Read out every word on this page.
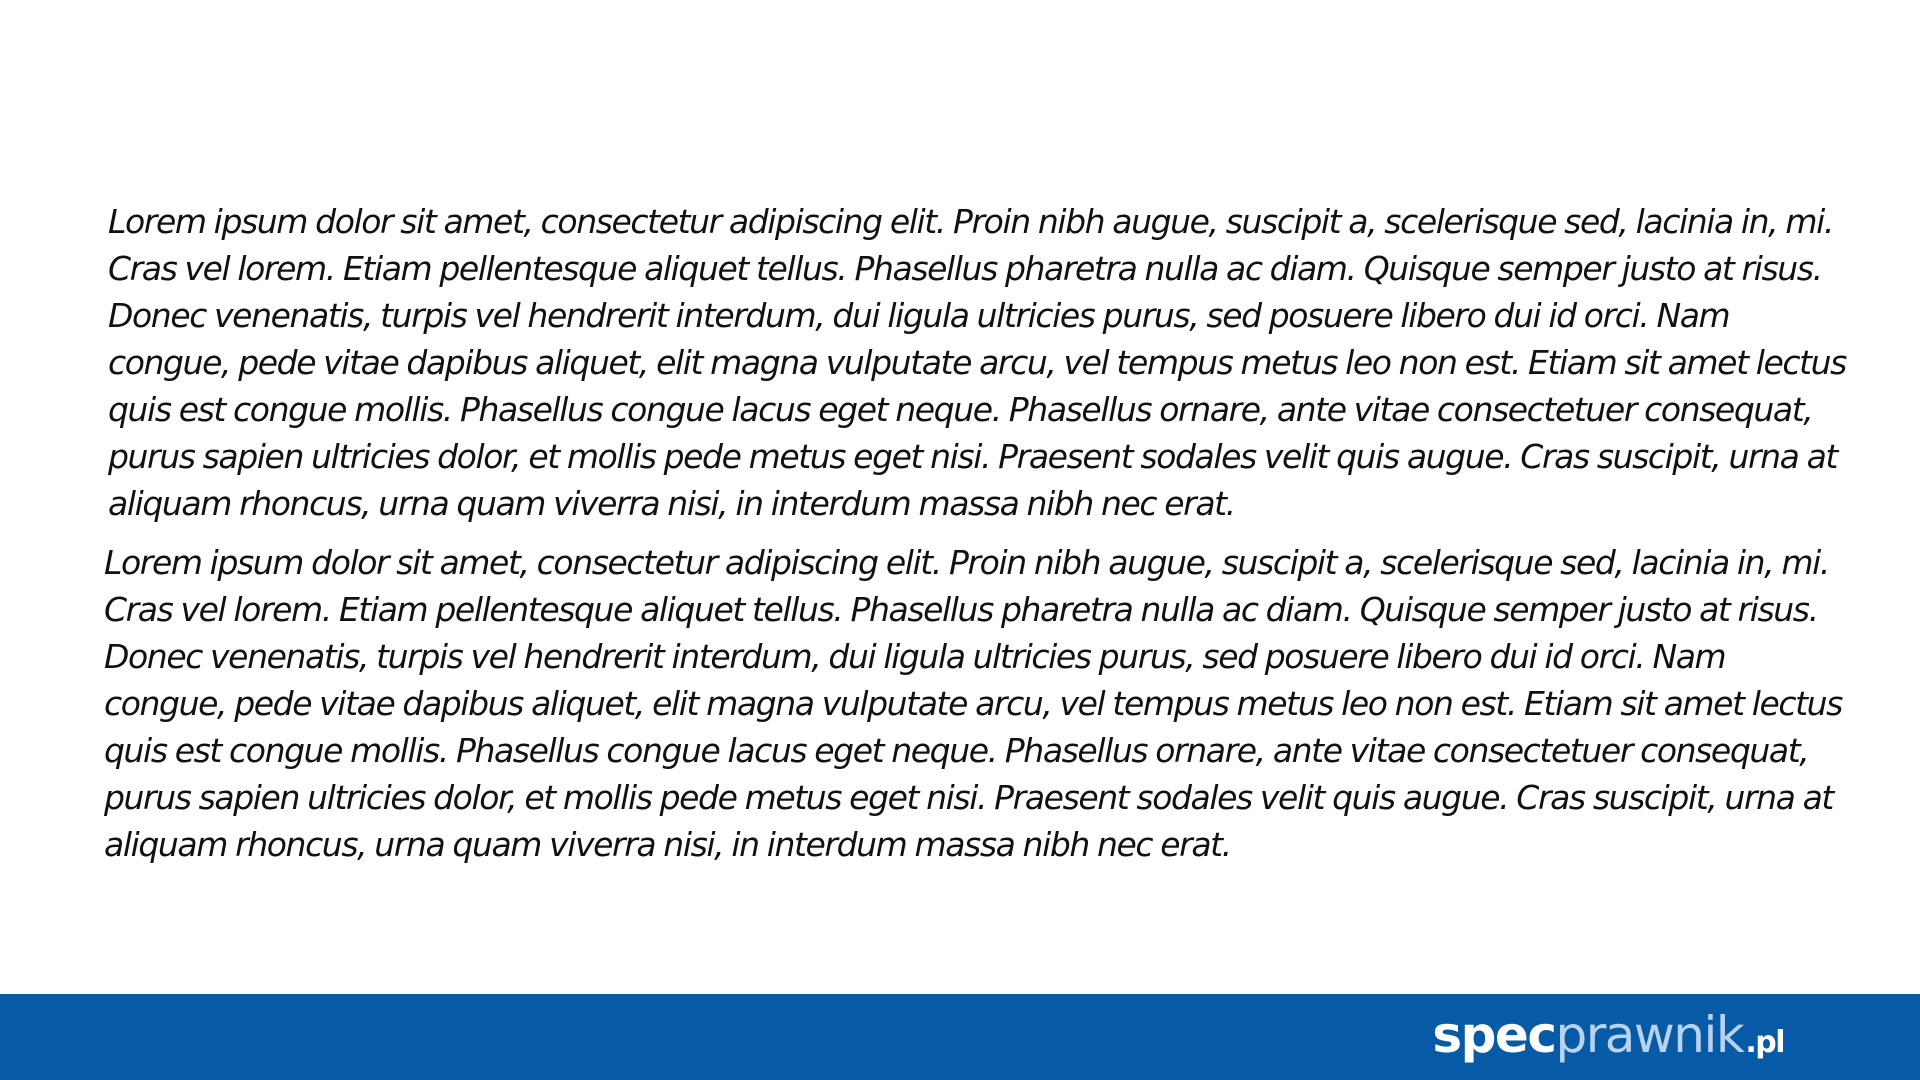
Lorem ipsum dolor sit amet, consectetur adipiscing elit. Proin nibh augue, suscipit a, scelerisque sed, lacinia in, mi. Cras vel lorem. Etiam pellentesque aliquet tellus. Phasellus pharetra nulla ac diam. Quisque semper justo at risus. Donec venenatis, turpis vel hendrerit interdum, dui ligula ultricies purus, sed posuere libero dui id orci. Nam congue, pede vitae dapibus aliquet, elit magna vulputate arcu, vel tempus metus leo non est. Etiam sit amet lectus quis est congue mollis. Phasellus congue lacus eget neque. Phasellus ornare, ante vitae consectetuer consequat, purus sapien ultricies dolor, et mollis pede metus eget nisi. Praesent sodales velit quis augue. Cras suscipit, urna at aliquam rhoncus, urna quam viverra nisi, in interdum massa nibh nec erat.

Lorem ipsum dolor sit amet, consectetur adipiscing elit. Proin nibh augue, suscipit a, scelerisque sed, lacinia in, mi. Cras vel lorem. Etiam pellentesque aliquet tellus. Phasellus pharetra nulla ac diam. Quisque semper justo at risus. Donec venenatis, turpis vel hendrerit interdum, dui ligula ultricies purus, sed posuere libero dui id orci. Nam congue, pede vitae dapibus aliquet, elit magna vulputate arcu, vel tempus metus leo non est. Etiam sit amet lectus quis est congue mollis. Phasellus congue lacus eget neque. Phasellus ornare, ante vitae consectetuer consequat, purus sapien ultricies dolor, et mollis pede metus eget nisi. Praesent sodales velit quis augue. Cras suscipit, urna at aliquam rhoncus, urna quam viverra nisi, in interdum massa nibh nec erat.

spec prawnik .pl
